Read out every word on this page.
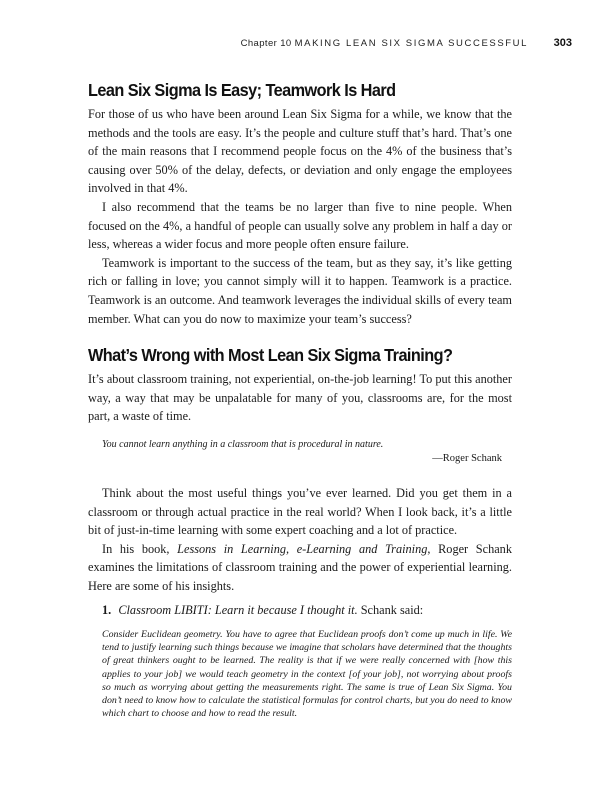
Chapter 10 MAKING LEAN SIX SIGMA SUCCESSFUL 303
Lean Six Sigma Is Easy; Teamwork Is Hard

For those of us who have been around Lean Six Sigma for a while, we know that the methods and the tools are easy. It’s the people and culture stuff that’s hard. That’s one of the main reasons that I recommend people focus on the 4% of the business that’s causing over 50% of the delay, defects, or deviation and only engage the employees involved in that 4%.

I also recommend that the teams be no larger than five to nine people. When focused on the 4%, a handful of people can usually solve any problem in half a day or less, whereas a wider focus and more people often ensure failure.

Teamwork is important to the success of the team, but as they say, it’s like getting rich or falling in love; you cannot simply will it to happen. Teamwork is a practice. Teamwork is an outcome. And teamwork leverages the individual skills of every team member. What can you do now to maximize your team’s success?

What’s Wrong with Most Lean Six Sigma Training?

It’s about classroom training, not experiential, on-the-job learning! To put this another way, a way that may be unpalatable for many of you, classrooms are, for the most part, a waste of time.

You cannot learn anything in a classroom that is procedural in nature.
—Roger Schank

Think about the most useful things you’ve ever learned. Did you get them in a classroom or through actual practice in the real world? When I look back, it’s a little bit of just-in-time learning with some expert coaching and a lot of practice.

In his book, Lessons in Learning, e-Learning and Training, Roger Schank examines the limitations of classroom training and the power of experiential learning. Here are some of his insights.

1. Classroom LIBITI: Learn it because I thought it. Schank said:
Consider Euclidean geometry. You have to agree that Euclidean proofs don’t come up much in life. We tend to justify learning such things because we imagine that scholars have determined that the thoughts of great thinkers ought to be learned. The reality is that if we were really concerned with [how this applies to your job] we would teach geometry in the context [of your job], not worrying about proofs so much as worrying about getting the measurements right. The same is true of Lean Six Sigma. You don’t need to know how to calculate the statistical formulas for control charts, but you do need to know which chart to choose and how to read the result.
